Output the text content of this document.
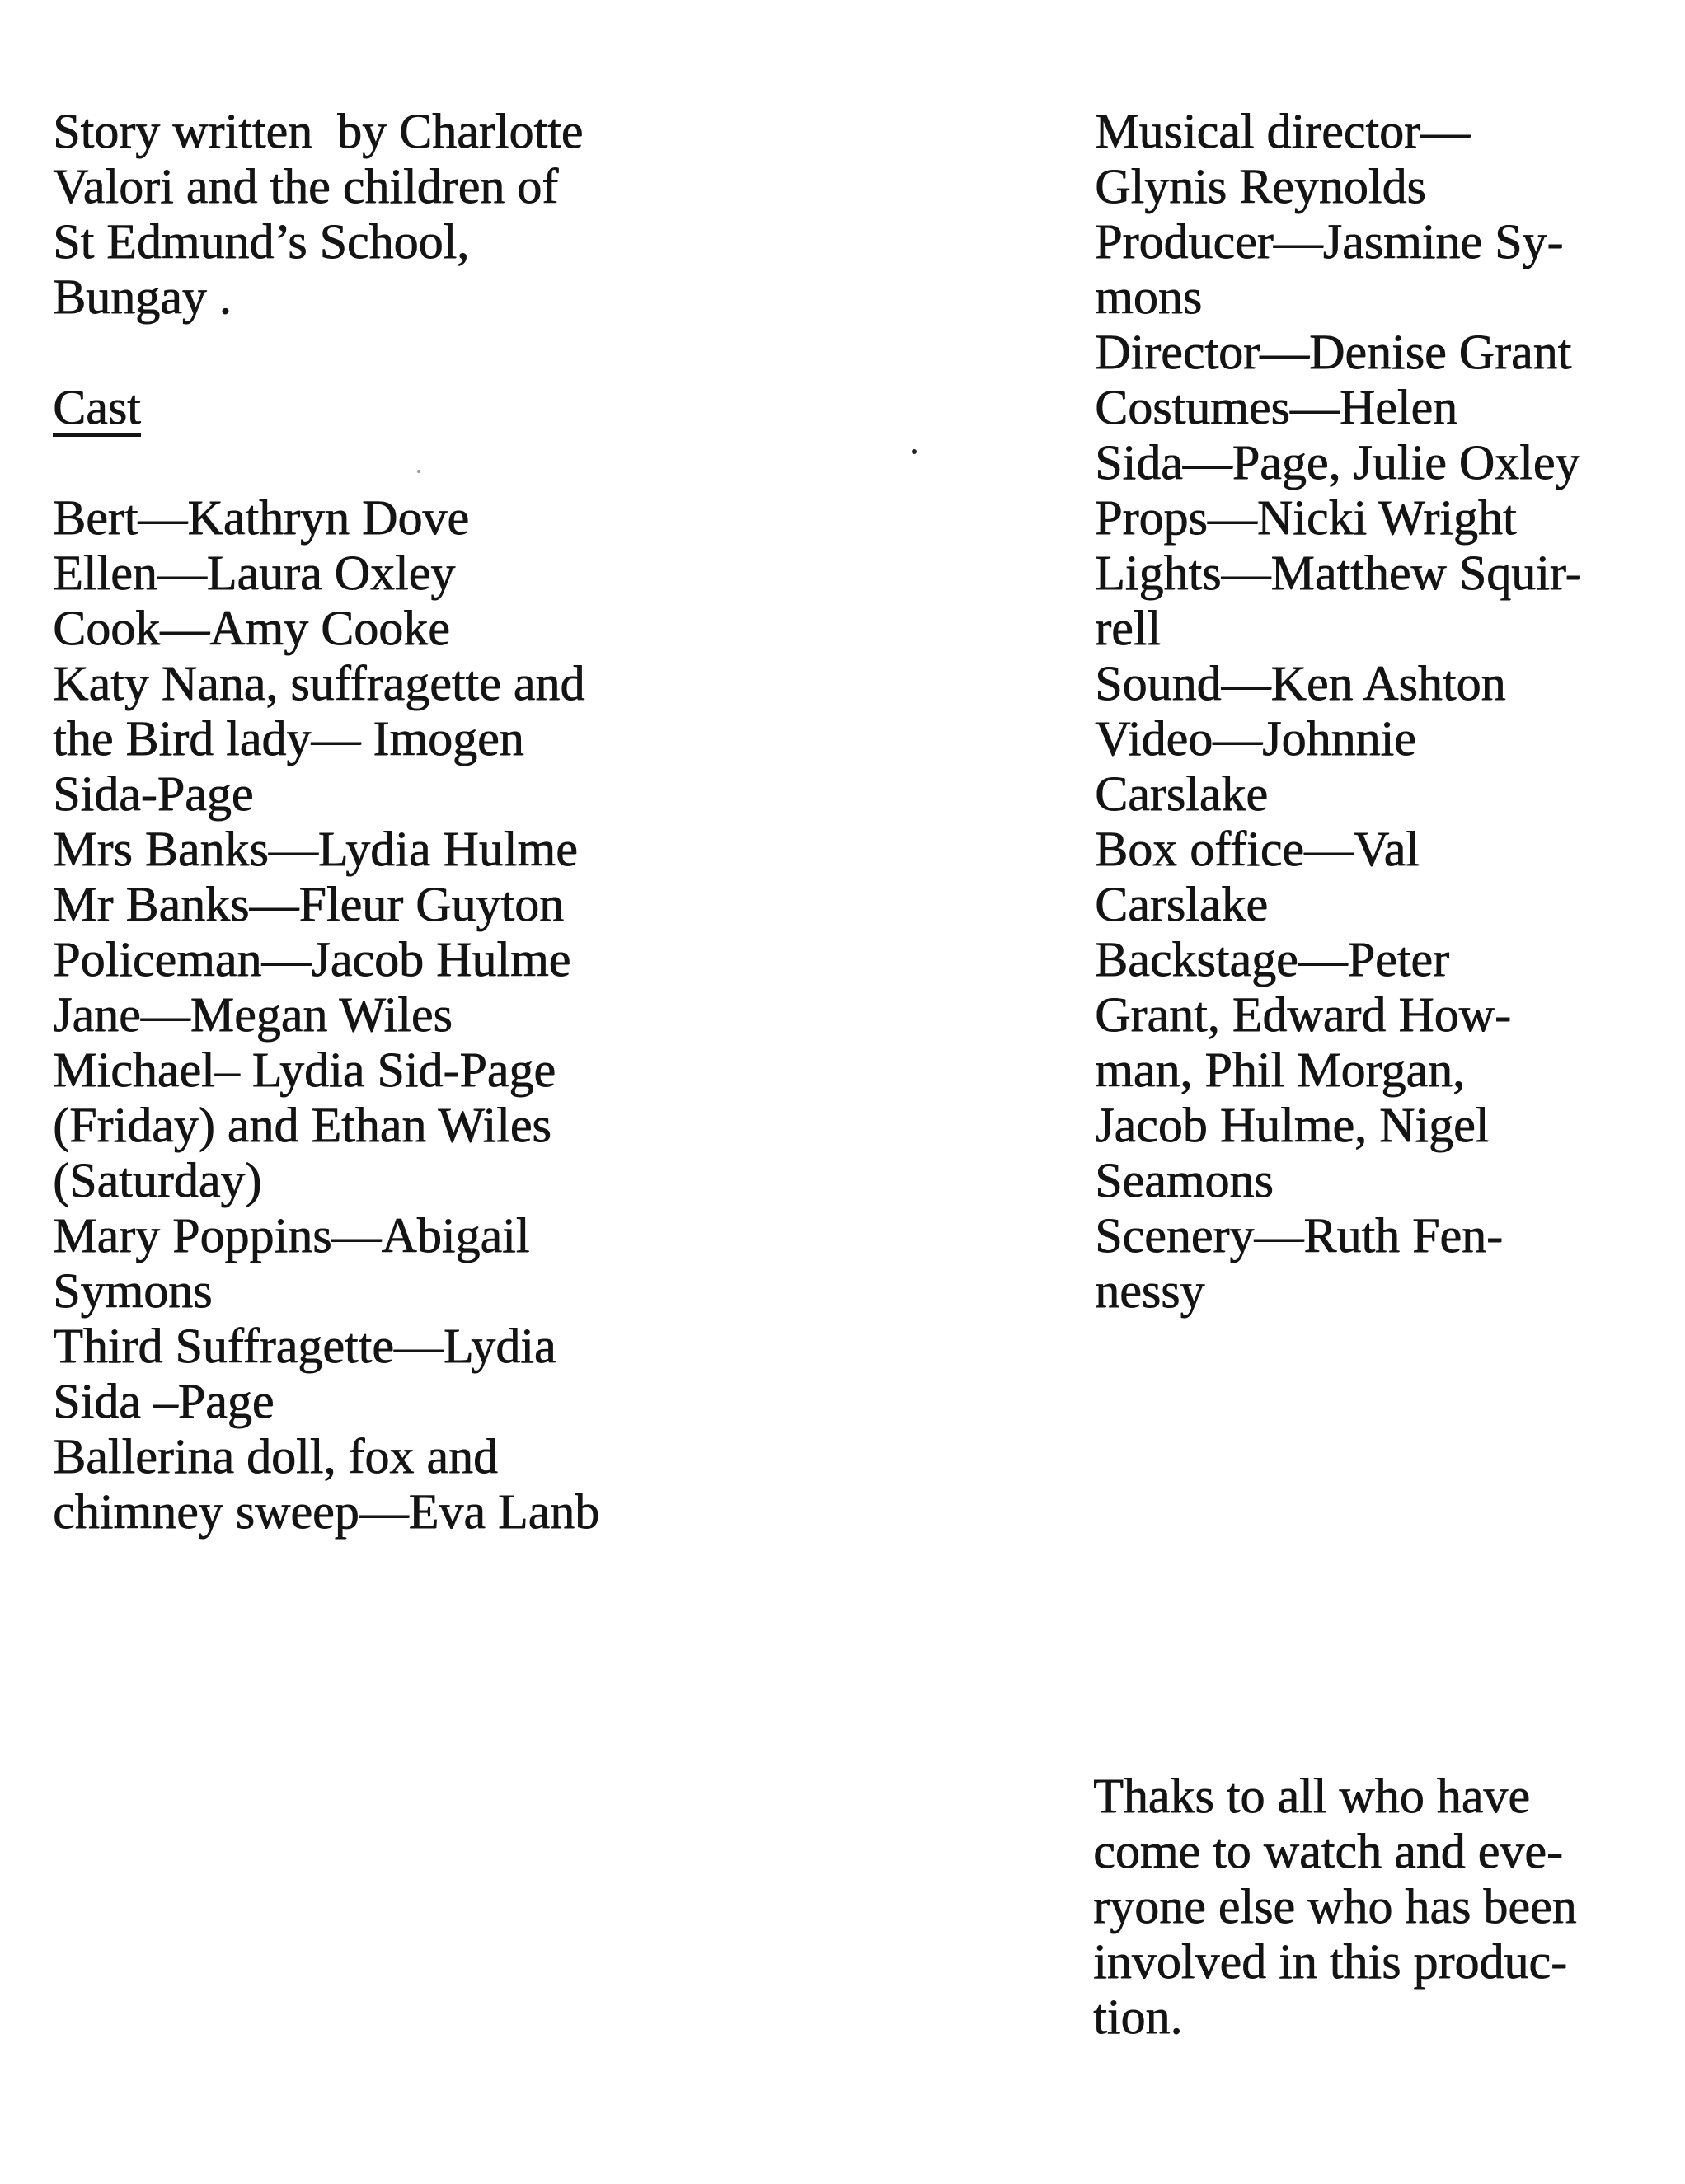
Story written  by Charlotte
Valori and the children of
St Edmund’s School,
Bungay .
Cast
Bert—Kathryn Dove
Ellen—Laura Oxley
Cook—Amy Cooke
Katy Nana, suffragette and
the Bird lady— Imogen
Sida-Page
Mrs Banks—Lydia Hulme
Mr Banks—Fleur Guyton
Policeman—Jacob Hulme
Jane—Megan Wiles
Michael– Lydia Sid-Page
(Friday) and Ethan Wiles
(Saturday)
Mary Poppins—Abigail
Symons
Third Suffragette—Lydia
Sida –Page
Ballerina doll, fox and
chimney sweep—Eva Lanb
Musical director—
Glynis Reynolds
Producer—Jasmine Sy-
mons
Director—Denise Grant
Costumes—Helen
Sida—Page, Julie Oxley
Props—Nicki Wright
Lights—Matthew Squir-
rell
Sound—Ken Ashton
Video—Johnnie
Carslake
Box office—Val
Carslake
Backstage—Peter
Grant, Edward How-
man, Phil Morgan,
Jacob Hulme, Nigel
Seamons
Scenery—Ruth Fen-
nessy
Thaks to all who have
come to watch and eve-
ryone else who has been
involved in this produc-
tion.
